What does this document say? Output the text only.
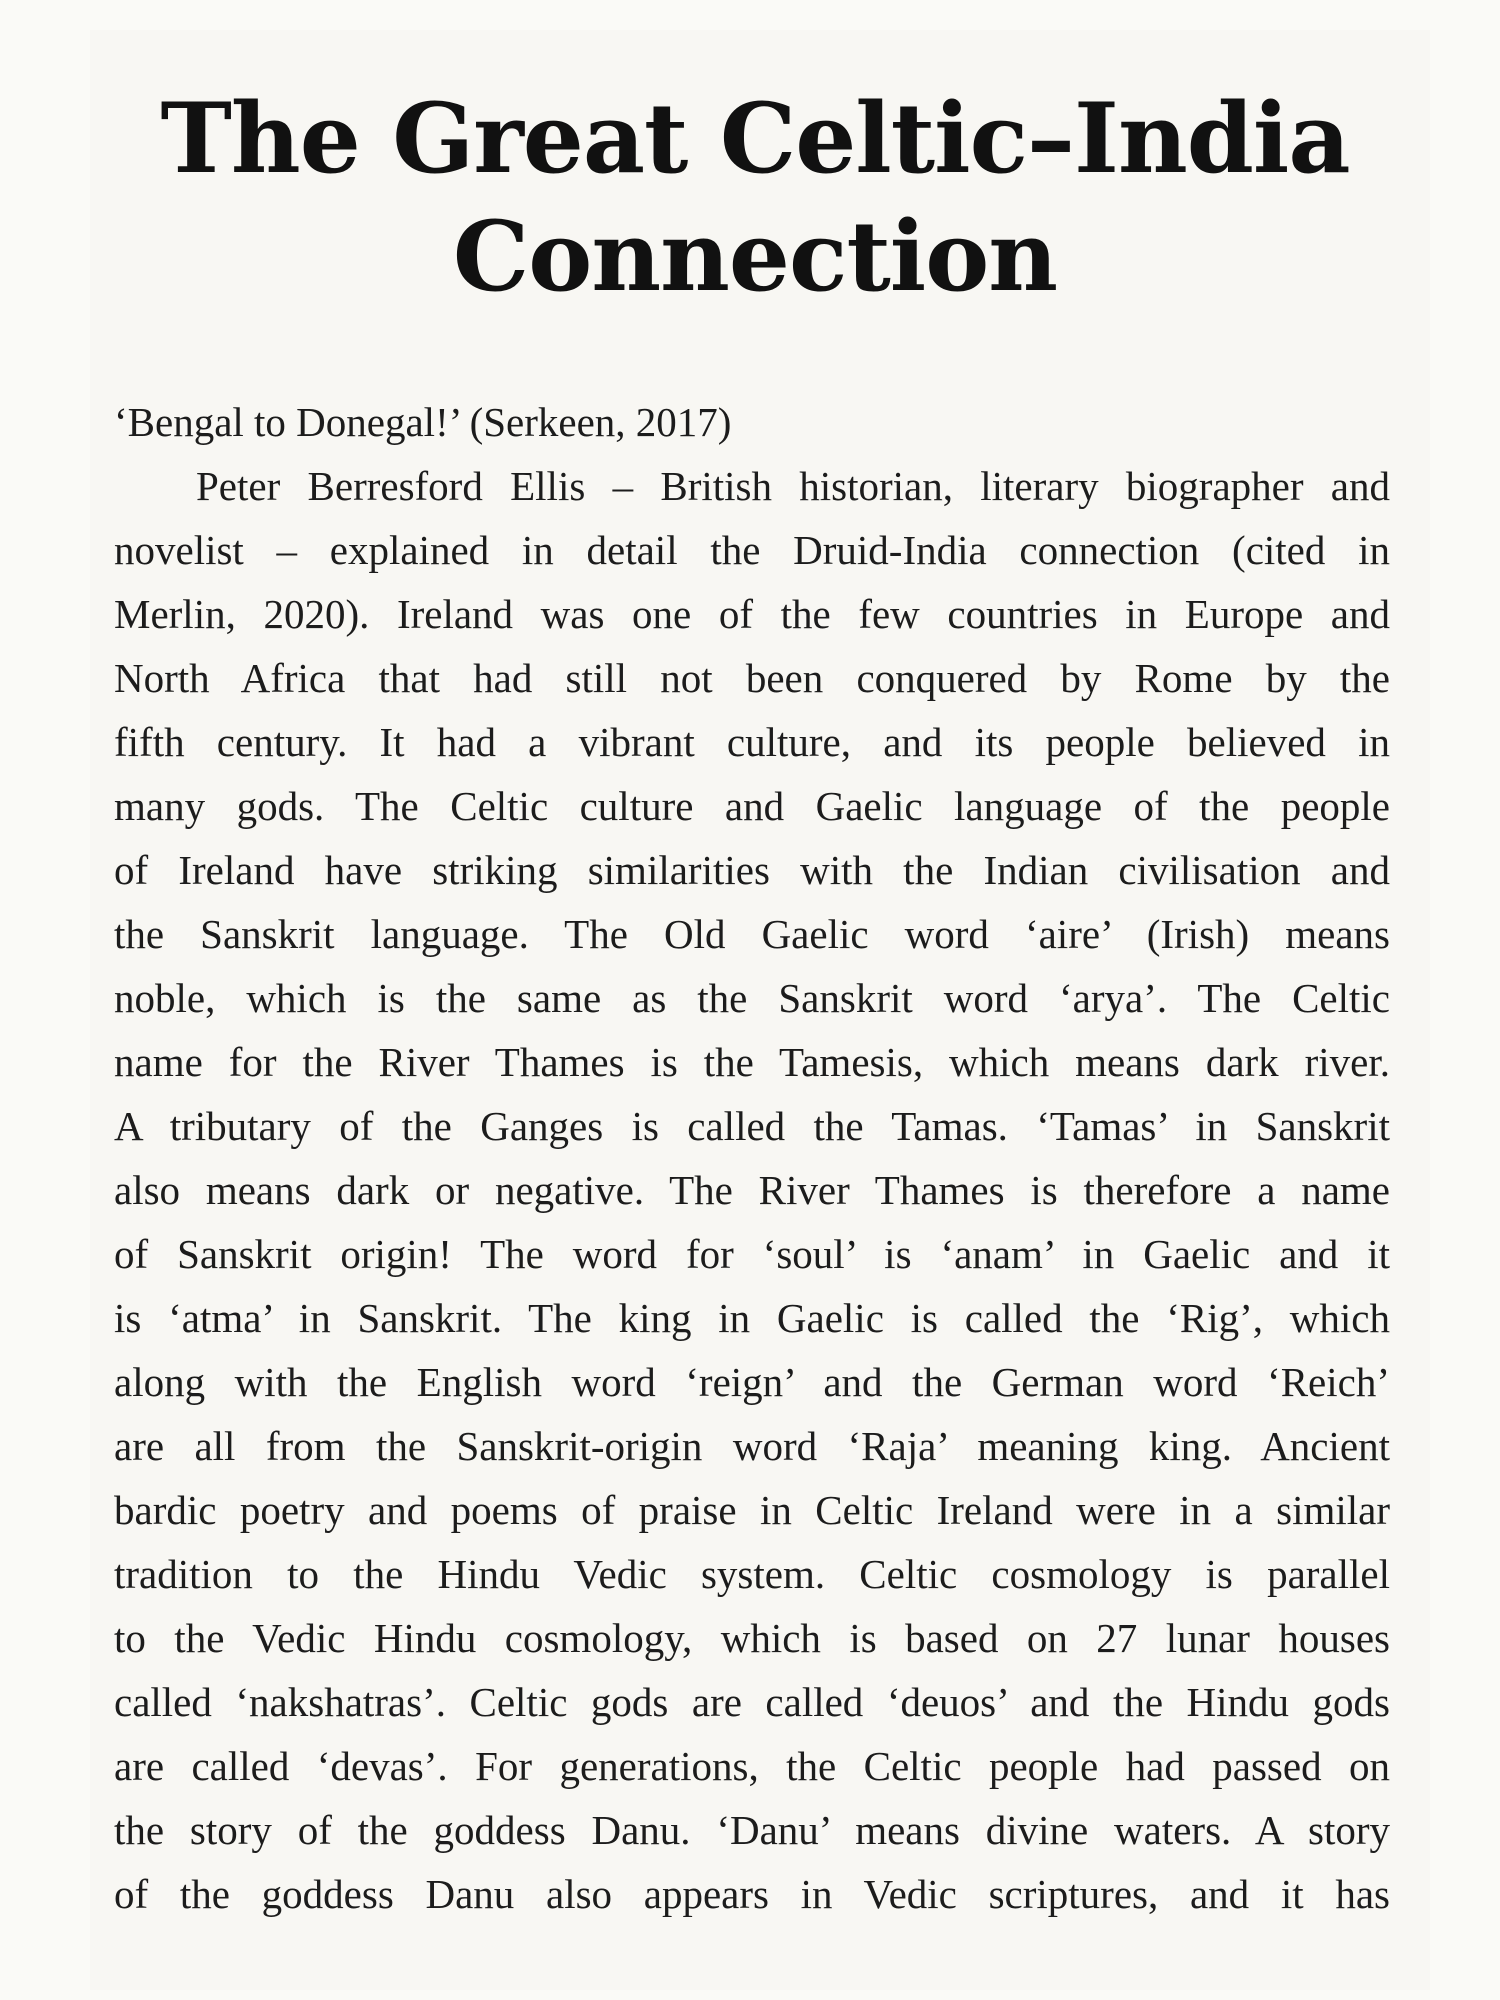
The Great Celtic–India
Connection
‘Bengal to Donegal!’ (Serkeen, 2017)
Peter Berresford Ellis – British historian, literary biographer and
novelist – explained in detail the Druid-India connection (cited in
Merlin, 2020). Ireland was one of the few countries in Europe and
North Africa that had still not been conquered by Rome by the
fifth century. It had a vibrant culture, and its people believed in
many gods. The Celtic culture and Gaelic language of the people
of Ireland have striking similarities with the Indian civilisation and
the Sanskrit language. The Old Gaelic word ‘aire’ (Irish) means
noble, which is the same as the Sanskrit word ‘arya’. The Celtic
name for the River Thames is the Tamesis, which means dark river.
A tributary of the Ganges is called the Tamas. ‘Tamas’ in Sanskrit
also means dark or negative. The River Thames is therefore a name
of Sanskrit origin! The word for ‘soul’ is ‘anam’ in Gaelic and it
is ‘atma’ in Sanskrit. The king in Gaelic is called the ‘Rig’, which
along with the English word ‘reign’ and the German word ‘Reich’
are all from the Sanskrit-origin word ‘Raja’ meaning king. Ancient
bardic poetry and poems of praise in Celtic Ireland were in a similar
tradition to the Hindu Vedic system. Celtic cosmology is parallel
to the Vedic Hindu cosmology, which is based on 27 lunar houses
called ‘nakshatras’. Celtic gods are called ‘deuos’ and the Hindu gods
are called ‘devas’. For generations, the Celtic people had passed on
the story of the goddess Danu. ‘Danu’ means divine waters. A story
of the goddess Danu also appears in Vedic scriptures, and it has
